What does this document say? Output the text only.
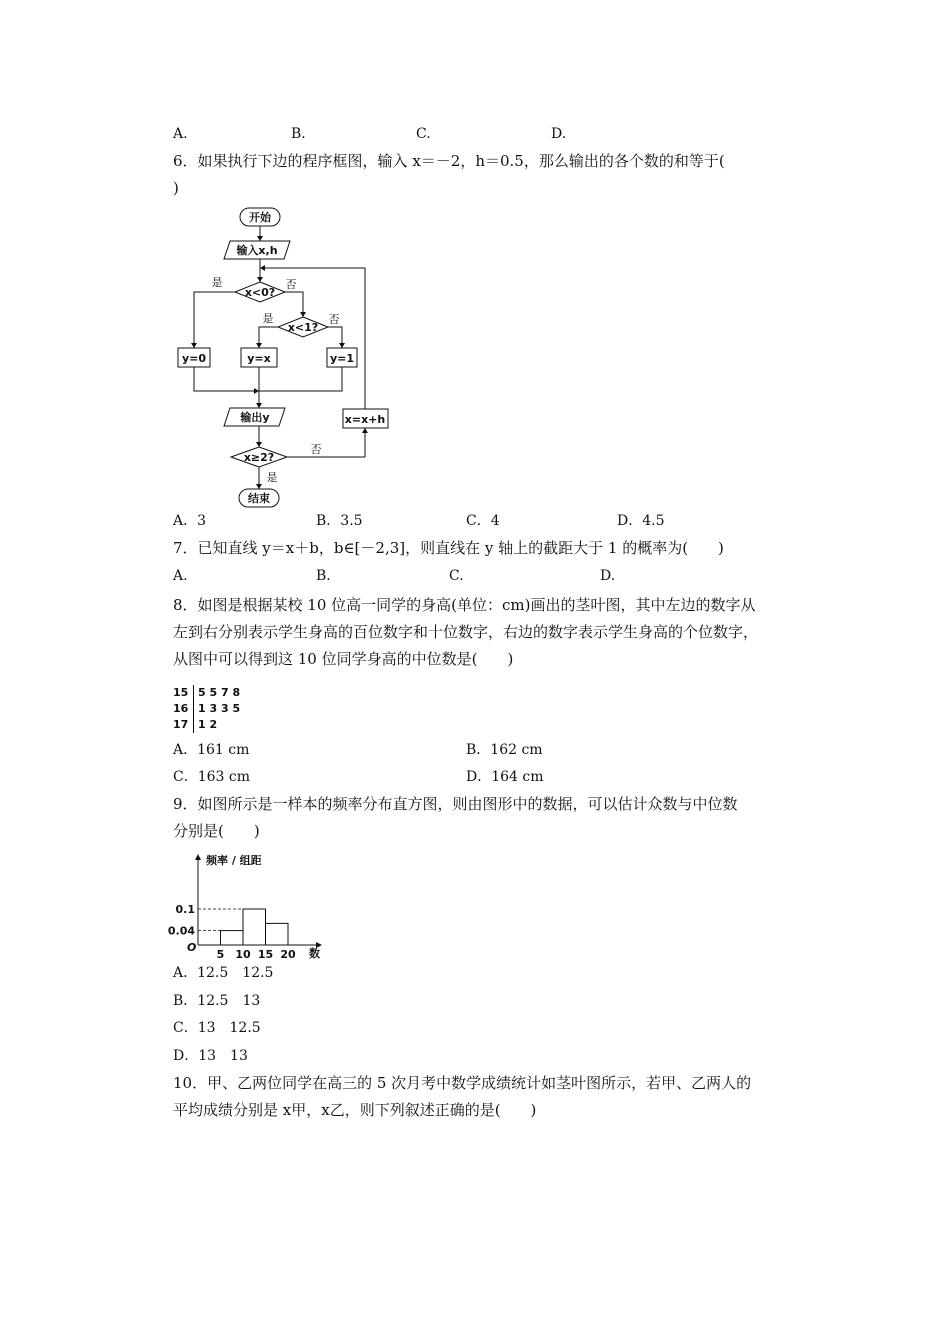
A.	B.	C.	D.
6．如果执行下边的程序框图，输入 x＝－2，h＝0.5，那么输出的各个数的和等于(
)
开始
输入x,h
x<0?
x<1?
y=0	y=x	y=1
输出y	x=x+h
x≥2?
结束
是	否
是	否
否
是
A．3	B．3.5	C．4	D．4.5
7．已知直线 y＝x＋b，b∈[－2,3]，则直线在 y 轴上的截距大于 1 的概率为(　　)
A.	B.	C.	D.
8．如图是根据某校 10 位高一同学的身高(单位：cm)画出的茎叶图，其中左边的数字从
左到右分别表示学生身高的百位数字和十位数字，右边的数字表示学生身高的个位数字，
从图中可以得到这 10 位同学身高的中位数是(　　)
15 5 5 7 8
16 1 3 3 5
17 1 2
A．161 cm	B．162 cm
C．163 cm	D．164 cm
9．如图所示是一样本的频率分布直方图，则由图形中的数据，可以估计众数与中位数
分别是(　　)
频率 / 组距
数
O
0.04
0.1
5 10 15 20
A．12.5　12.5
B．12.5　13
C．13　12.5
D．13　13
10．甲、乙两位同学在高三的 5 次月考中数学成绩统计如茎叶图所示，若甲、乙两人的
平均成绩分别是 x甲，x乙，则下列叙述正确的是(　　)
